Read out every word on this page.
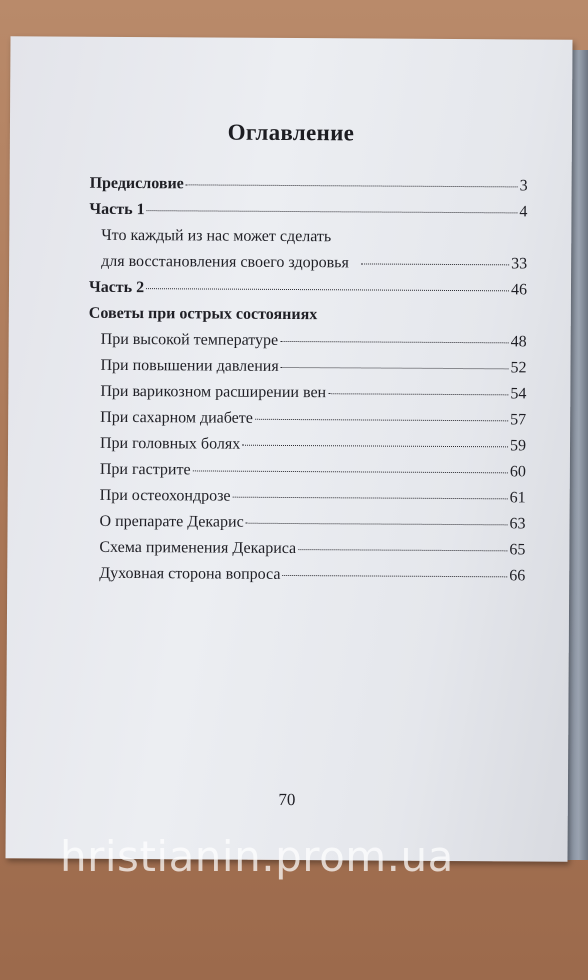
Оглавление
Предисловие	3
Часть 1	4
Что каждый из нас может сделать
для восстановления своего здоровья	33
Часть 2	46
Советы при острых состояниях
При высокой температуре	48
При повышении давления	52
При варикозном расширении вен	54
При сахарном диабете	57
При головных болях	59
При гастрите	60
При остеохондрозе	61
О препарате Декарис	63
Схема применения Декариса	65
Духовная сторона вопроса	66
70
hristianin.prom.ua
